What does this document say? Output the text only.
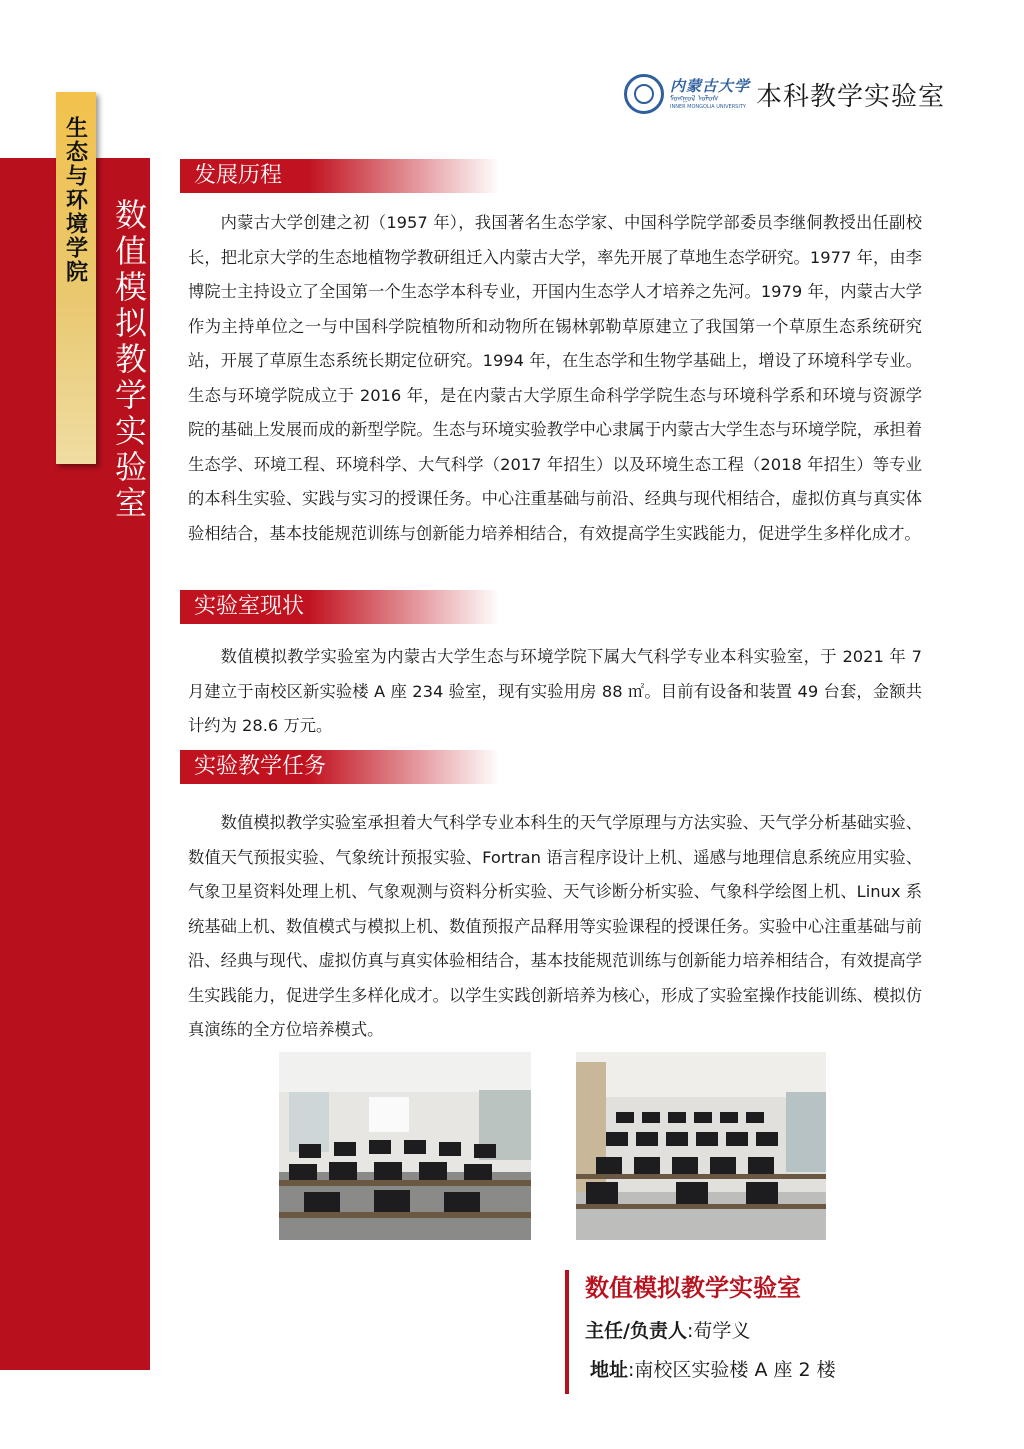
内蒙古大学
ᠮᠣᠩᠭᠣᠯ ᠤᠯᠤᠰ
INNER MONGOLIA UNIVERSITY 本科教学实验室
生态与环境学院 数值模拟教学实验室
发展历程

内蒙古大学创建之初（1957 年），我国著名生态学家、中国科学院学部委员李继侗教授出任副校长，把北京大学的生态地植物学教研组迁入内蒙古大学，率先开展了草地生态学研究。1977 年，由李博院士主持设立了全国第一个生态学本科专业，开国内生态学人才培养之先河。1979 年，内蒙古大学作为主持单位之一与中国科学院植物所和动物所在锡林郭勒草原建立了我国第一个草原生态系统研究站，开展了草原生态系统长期定位研究。1994 年，在生态学和生物学基础上，增设了环境科学专业。生态与环境学院成立于 2016 年，是在内蒙古大学原生命科学学院生态与环境科学系和环境与资源学院的基础上发展而成的新型学院。生态与环境实验教学中心隶属于内蒙古大学生态与环境学院，承担着生态学、环境工程、环境科学、大气科学（2017 年招生）以及环境生态工程（2018 年招生）等专业的本科生实验、实践与实习的授课任务。中心注重基础与前沿、经典与现代相结合，虚拟仿真与真实体验相结合，基本技能规范训练与创新能力培养相结合，有效提高学生实践能力，促进学生多样化成才。

实验室现状

数值模拟教学实验室为内蒙古大学生态与环境学院下属大气科学专业本科实验室，于 2021 年 7 月建立于南校区新实验楼 A 座 234 验室，现有实验用房 88 ㎡。目前有设备和装置 49 台套，金额共计约为 28.6 万元。

实验教学任务

数值模拟教学实验室承担着大气科学专业本科生的天气学原理与方法实验、天气学分析基础实验、数值天气预报实验、气象统计预报实验、Fortran 语言程序设计上机、遥感与地理信息系统应用实验、气象卫星资料处理上机、气象观测与资料分析实验、天气诊断分析实验、气象科学绘图上机、Linux 系统基础上机、数值模式与模拟上机、数值预报产品释用等实验课程的授课任务。实验中心注重基础与前沿、经典与现代、虚拟仿真与真实体验相结合，基本技能规范训练与创新能力培养相结合，有效提高学生实践能力，促进学生多样化成才。以学生实践创新培养为核心，形成了实验室操作技能训练、模拟仿真演练的全方位培养模式。

数值模拟教学实验室
主任/负责人:荀学义
地址:南校区实验楼 A 座 2 楼
